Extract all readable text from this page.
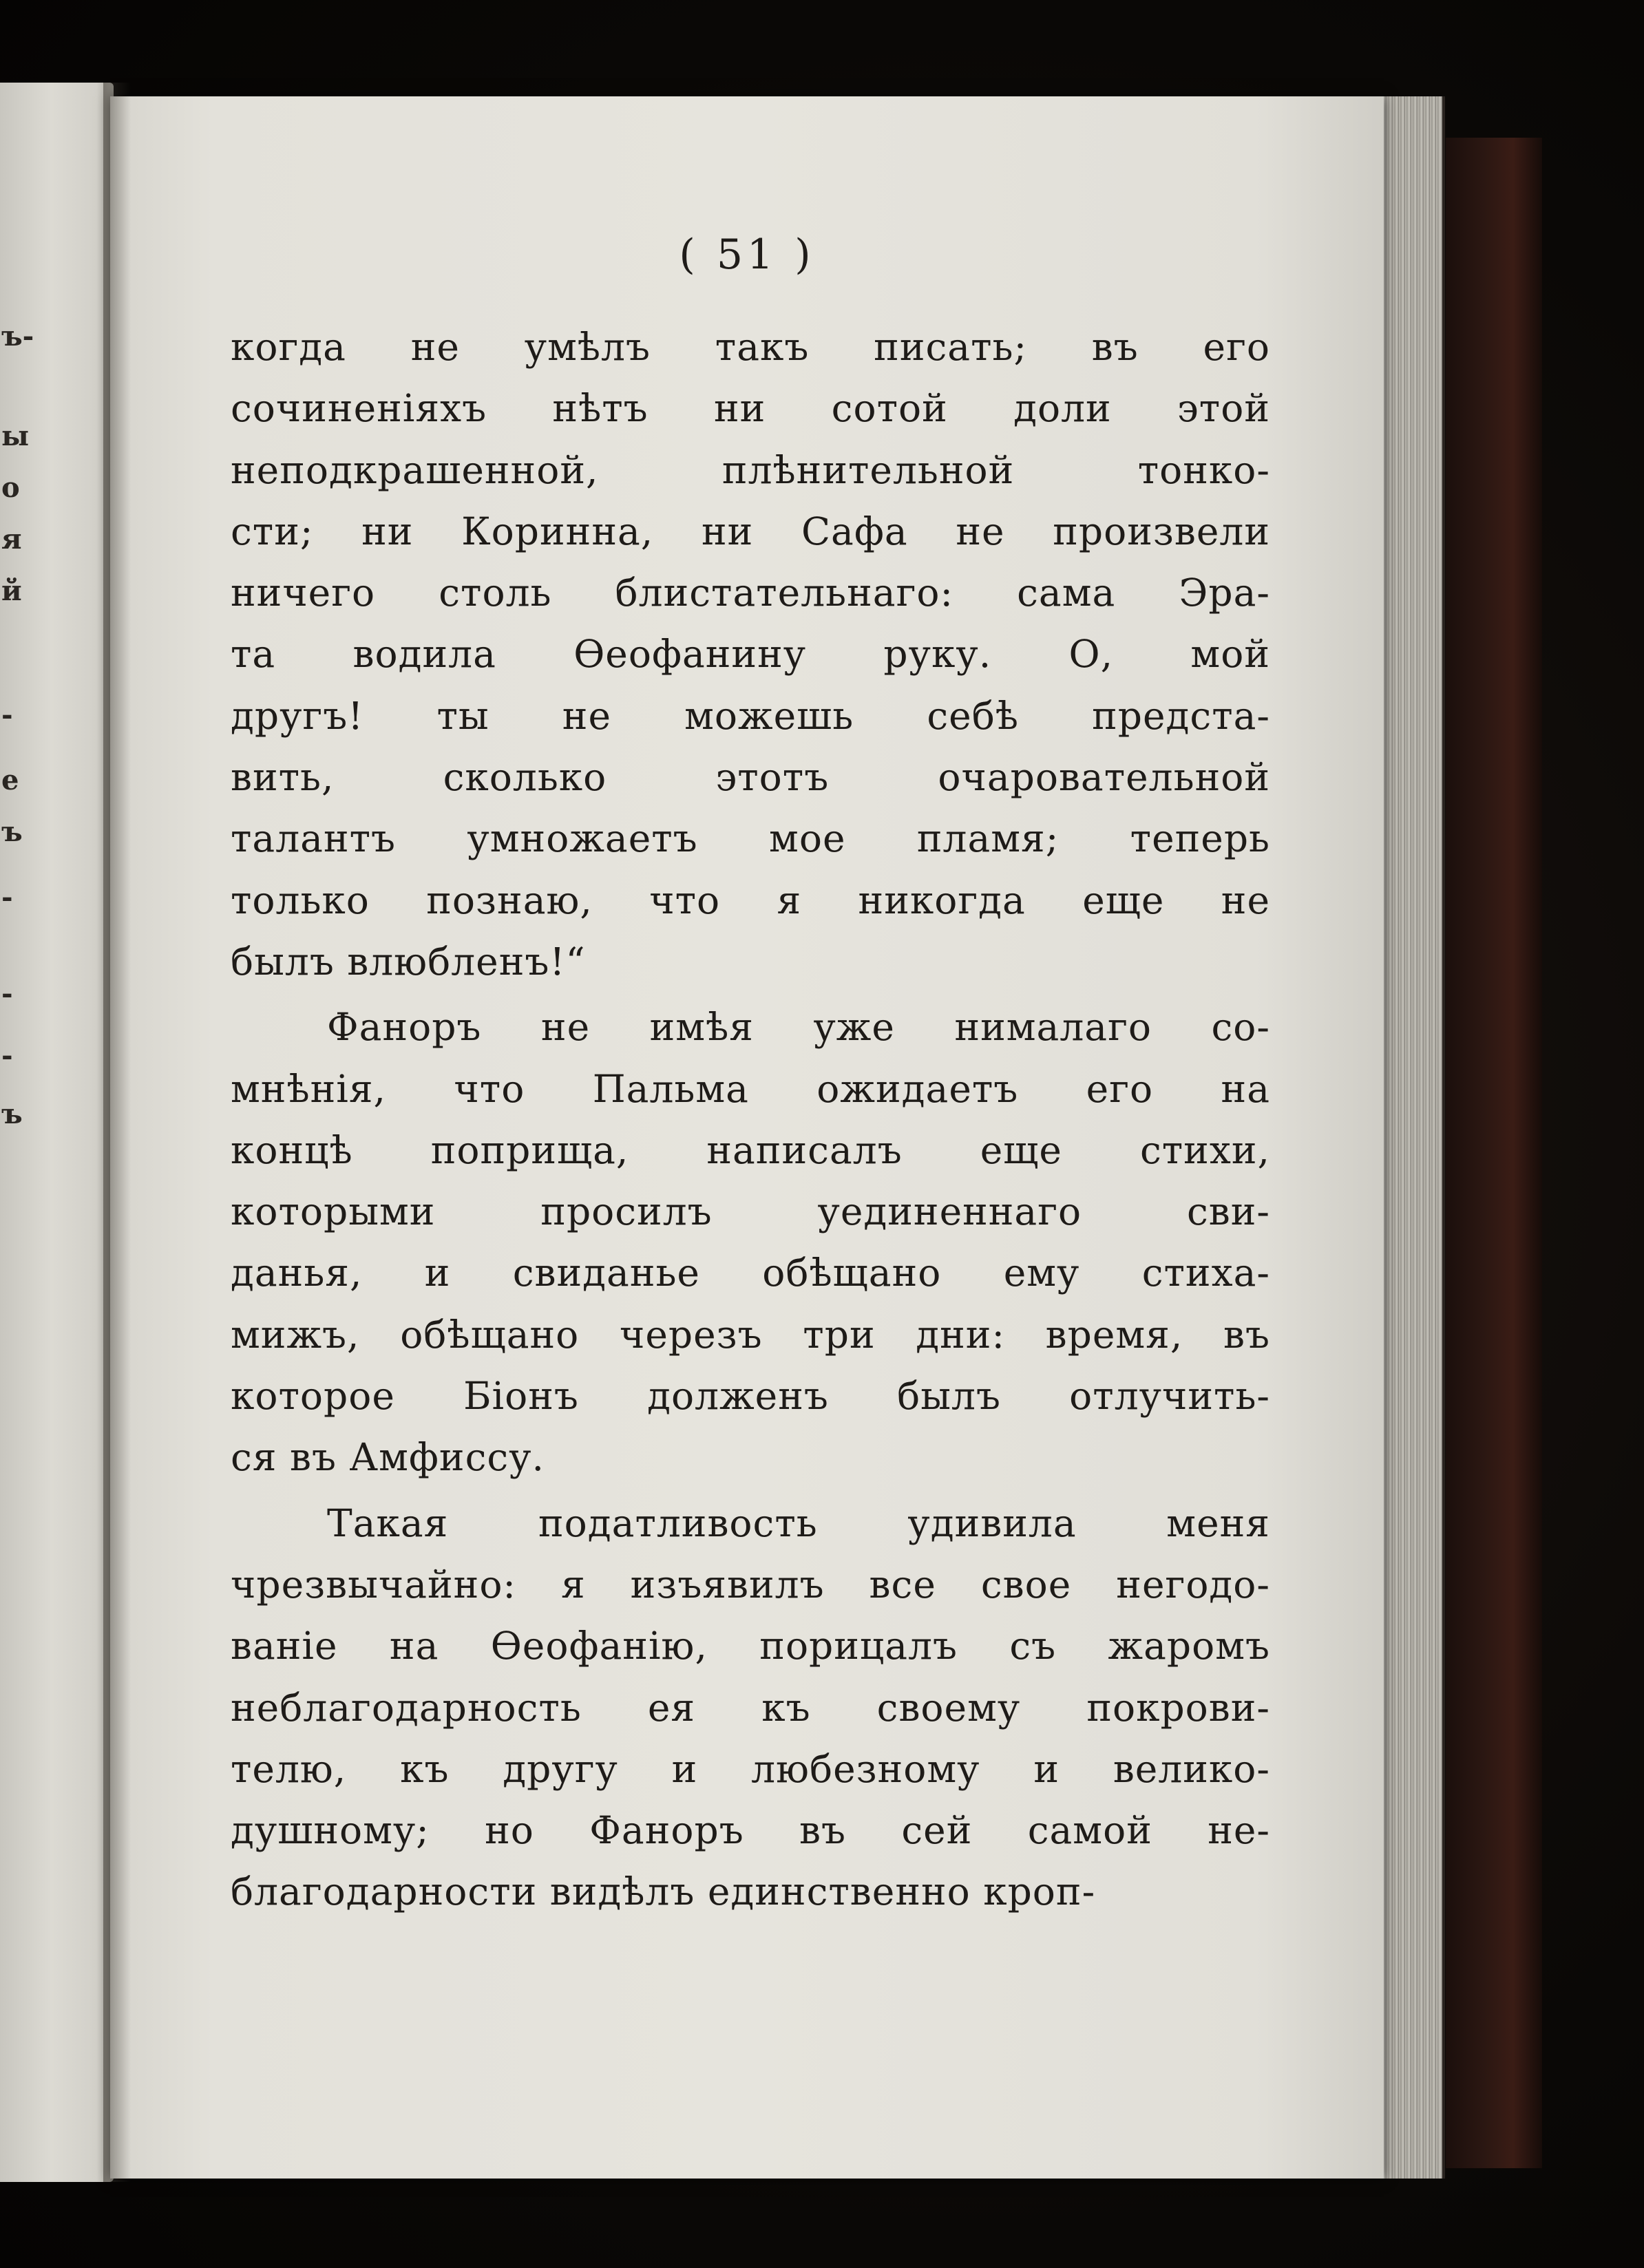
ъ-
ы
о
я
й
-
е
ъ
-
-
-
ъ
( 51 )
когда не умѣлъ такъ писать; въ его
сочиненіяхъ нѣтъ ни сотой доли этой
неподкрашенной, плѣнительной тонко-
сти; ни Коринна, ни Сафа не произвели
ничего столь блистательнаго: сама Эра-
та водила Ѳеофанину руку. О, мой
другъ! ты не можешь себѣ предста-
вить, сколько этотъ очаровательной
талантъ умножаетъ мое пламя; теперь
только познаю, что я никогда еще не
былъ влюбленъ!“
Фаноръ не имѣя уже нималаго со-
мнѣнія, что Пальма ожидаетъ его на
концѣ поприща, написалъ еще стихи,
которыми просилъ уединеннаго сви-
данья, и свиданье обѣщано ему стиха-
мижъ, обѣщано черезъ три дни: время, въ
которое Біонъ долженъ былъ отлучить-
ся въ Амфиссу.
Такая податливость удивила меня
чрезвычайно: я изъявилъ все свое негодо-
ваніе на Ѳеофанію, порицалъ съ жаромъ
неблагодарность ея къ своему покрови-
телю, къ другу и любезному и велико-
душному; но Фаноръ въ сей самой не-
благодарности видѣлъ единственно кроп-
